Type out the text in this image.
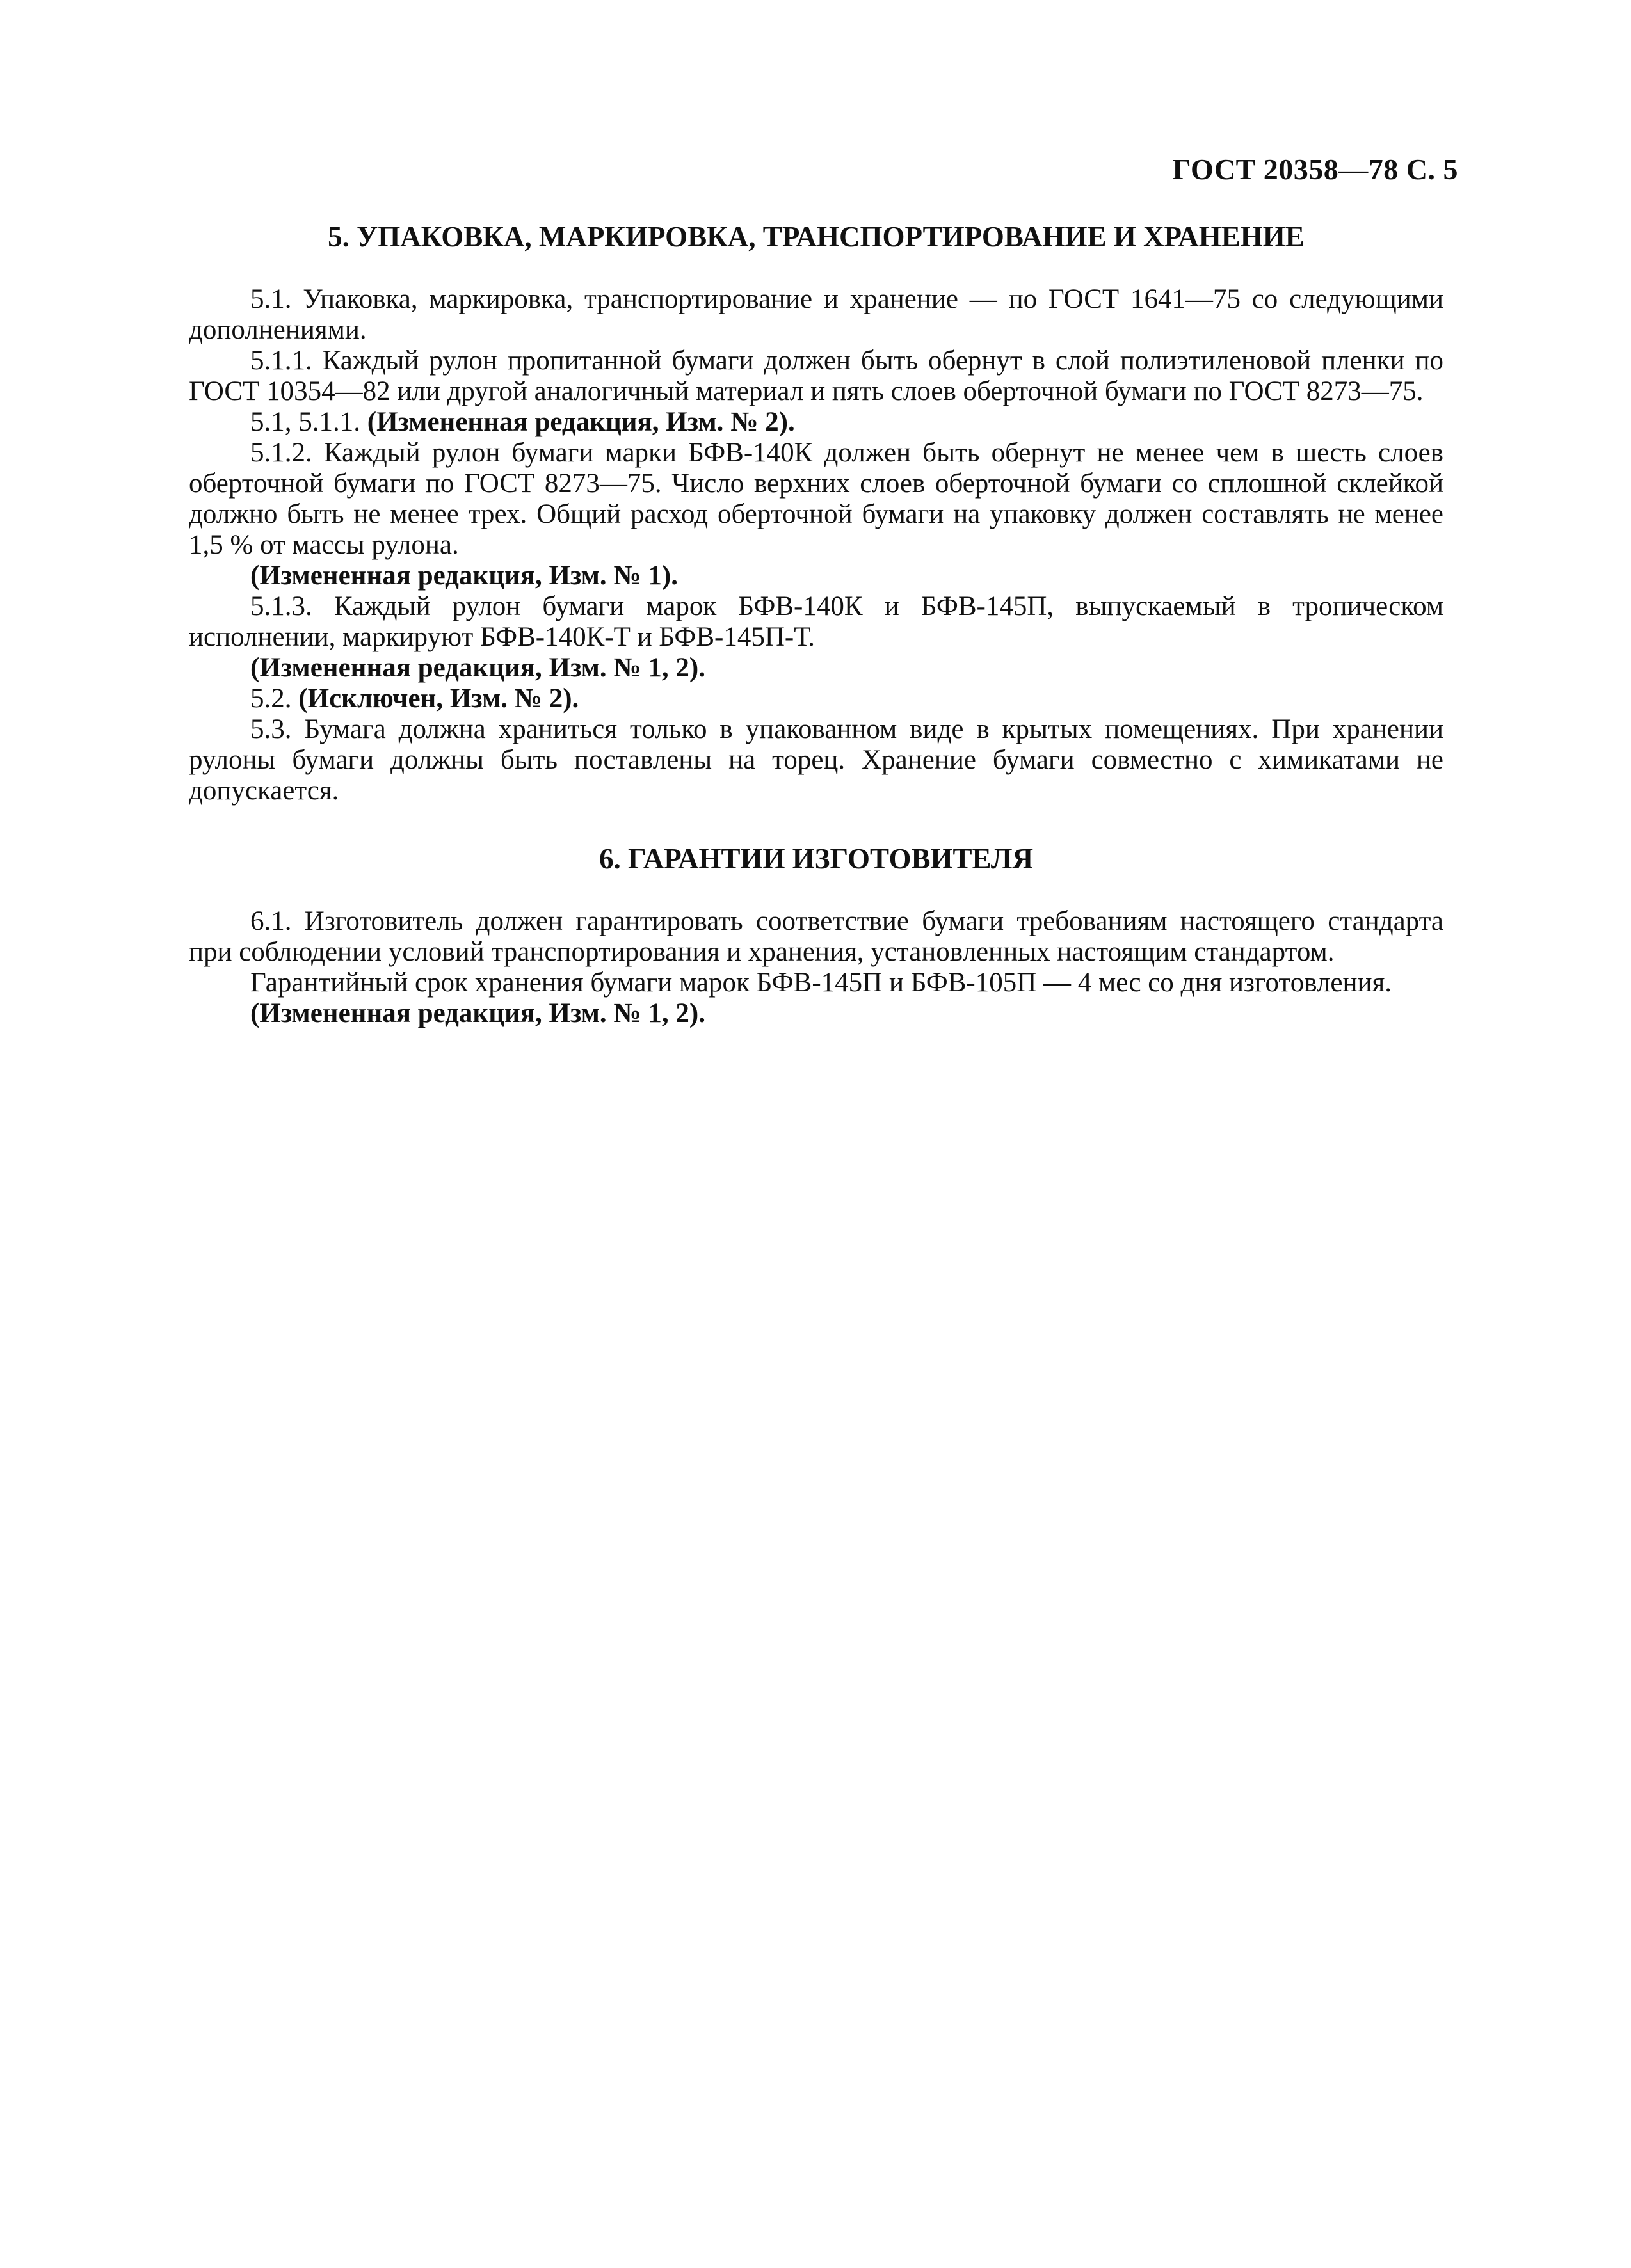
ГОСТ 20358—78 С. 5

5. УПАКОВКА, МАРКИРОВКА, ТРАНСПОРТИРОВАНИЕ И ХРАНЕНИЕ

5.1. Упаковка, маркировка, транспортирование и хранение — по ГОСТ 1641—75 со следующими дополнениями.

5.1.1. Каждый рулон пропитанной бумаги должен быть обернут в слой полиэтиленовой пленки по ГОСТ 10354—82 или другой аналогичный материал и пять слоев оберточной бумаги по ГОСТ 8273—75.

5.1, 5.1.1. (Измененная редакция, Изм. № 2).

5.1.2. Каждый рулон бумаги марки БФВ-140К должен быть обернут не менее чем в шесть слоев оберточной бумаги по ГОСТ 8273—75. Число верхних слоев оберточной бумаги со сплошной склейкой должно быть не менее трех. Общий расход оберточной бумаги на упаковку должен составлять не менее 1,5 % от массы рулона.

(Измененная редакция, Изм. № 1).

5.1.3. Каждый рулон бумаги марок БФВ-140К и БФВ-145П, выпускаемый в тропическом исполнении, маркируют БФВ-140К-Т и БФВ-145П-Т.

(Измененная редакция, Изм. № 1, 2).

5.2. (Исключен, Изм. № 2).

5.3. Бумага должна храниться только в упакованном виде в крытых помещениях. При хранении рулоны бумаги должны быть поставлены на торец. Хранение бумаги совместно с химикатами не допускается.

6. ГАРАНТИИ ИЗГОТОВИТЕЛЯ

6.1. Изготовитель должен гарантировать соответствие бумаги требованиям настоящего стандарта при соблюдении условий транспортирования и хранения, установленных настоящим стандартом.

Гарантийный срок хранения бумаги марок БФВ-145П и БФВ-105П — 4 мес со дня изготовления.

(Измененная редакция, Изм. № 1, 2).
